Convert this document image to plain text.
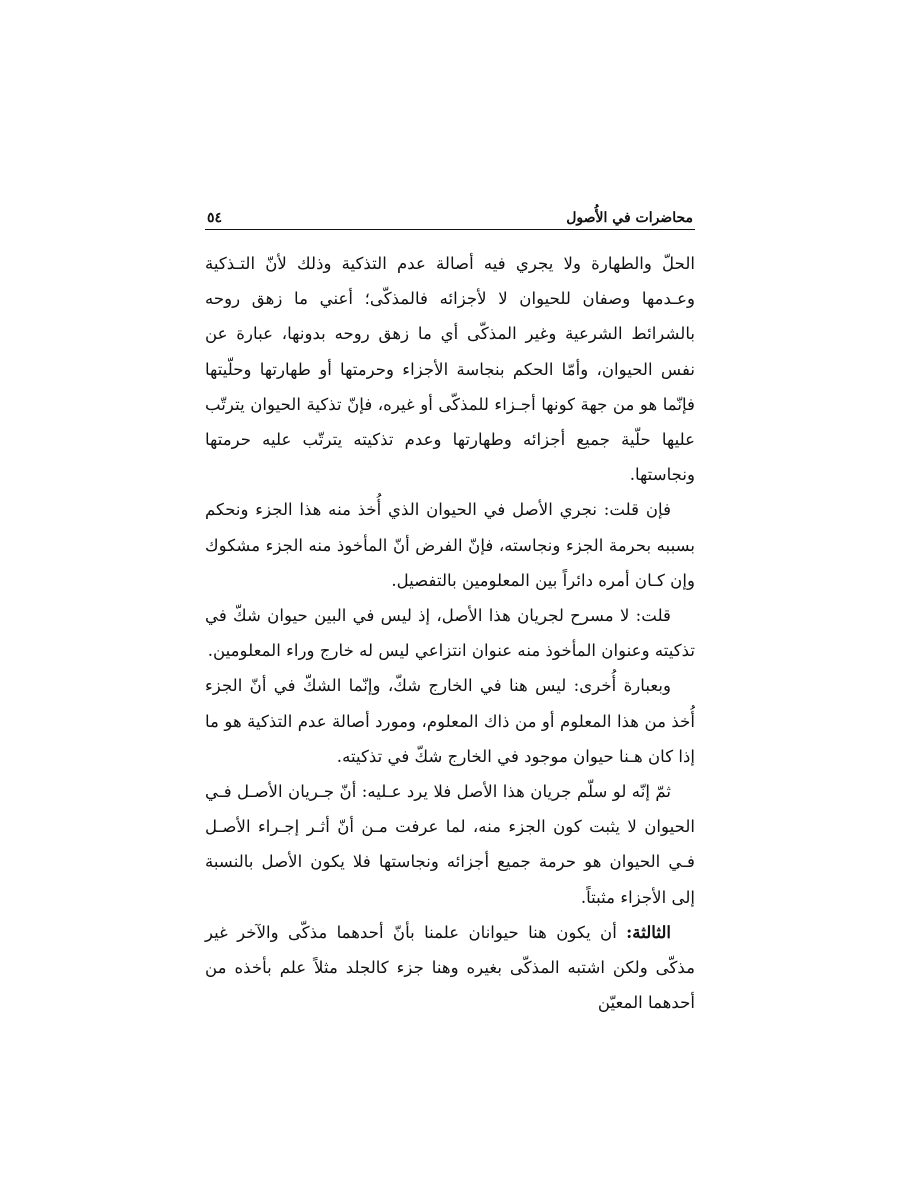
محاضرات في الأُصول
٥٤

الحلّ والطهارة ولا يجري فيه أصالة عدم التذكية وذلك لأنّ التـذكية وعـدمها وصفان للحيوان لا لأجزائه فالمذكّى؛ أعني ما زهق روحه بالشرائط الشرعية وغير المذكّى أي ما زهق روحه بدونها، عبارة عن نفس الحيوان، وأمّا الحكم بنجاسة الأجزاء وحرمتها أو طهارتها وحلّيتها فإنّما هو من جهة كونها أجـزاء للمذكّى أو غيره، فإنّ تذكية الحيوان يترتّب عليها حلّية جميع أجزائه وطهارتها وعدم تذكيته يترتّب عليه حرمتها ونجاستها.

فإن قلت: نجري الأصل في الحيوان الذي أُخذ منه هذا الجزء ونحكم بسببه بحرمة الجزء ونجاسته، فإنّ الفرض أنّ المأخوذ منه الجزء مشكوك وإن كـان أمره دائراً بين المعلومين بالتفصيل.

قلت: لا مسرح لجريان هذا الأصل، إذ ليس في البين حيوان شكّ في تذكيته وعنوان المأخوذ منه عنوان انتزاعي ليس له خارج وراء المعلومين.

وبعبارة أُخرى: ليس هنا في الخارج شكّ، وإنّما الشكّ في أنّ الجزء أُخذ من هذا المعلوم أو من ذاك المعلوم، ومورد أصالة عدم التذكية هو ما إذا كان هـنا حيوان موجود في الخارج شكّ في تذكيته.

ثمّ إنّه لو سلّم جريان هذا الأصل فلا يرد عـليه: أنّ جـريان الأصـل فـي الحيوان لا يثبت كون الجزء منه، لما عرفت مـن أنّ أثـر إجـراء الأصـل فـي الحيوان هو حرمة جميع أجزائه ونجاستها فلا يكون الأصل بالنسبة إلى الأجزاء مثبتاً.

الثالثة: أن يكون هنا حيوانان علمنا بأنّ أحدهما مذكّى والآخر غير مذكّى ولكن اشتبه المذكّى بغيره وهنا جزء كالجلد مثلاً علم بأخذه من أحدهما المعيّن
